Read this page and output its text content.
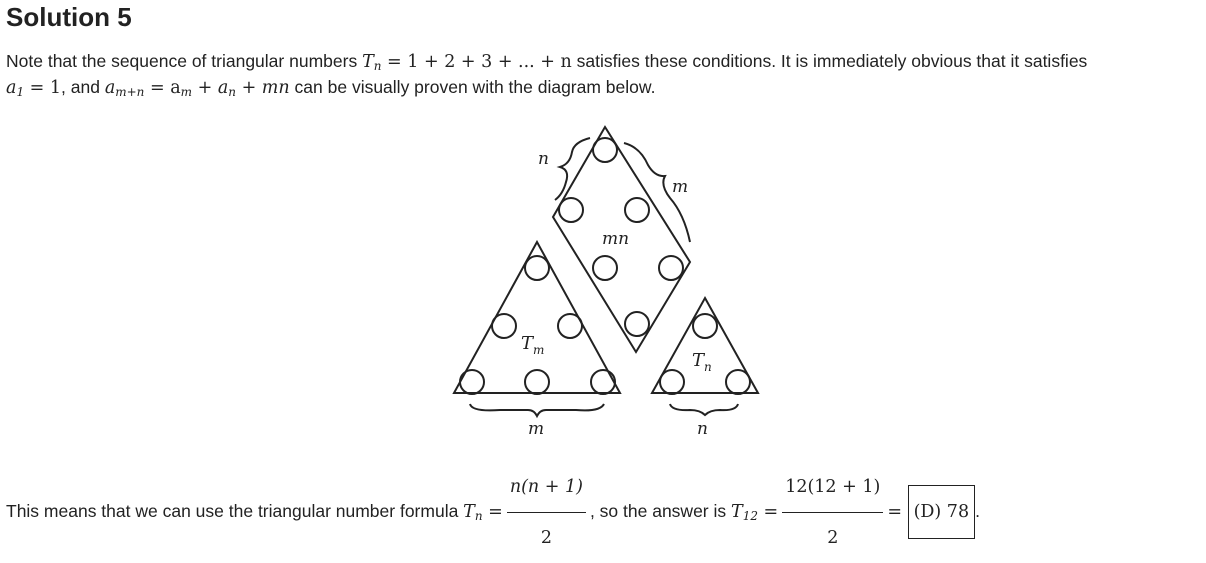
Solution 5
Note that the sequence of triangular numbers $T_n = 1 + 2 + 3$ + ... + n satisfies these conditions. It is immediately obvious that it satisfies
$a_1 = 1$, and $a_{m+n} = a_m + a_n$ + mn can be visually proven with the diagram below.
n
m
mn
$T_m$	$T_n$
m	n
This means that we can use the triangular number formula $T_n = \frac{n(n + 1)}{2}$ , so the answer is $T_{12} = \frac{12(12 + 1)}{2} = (D)$ 78 .
